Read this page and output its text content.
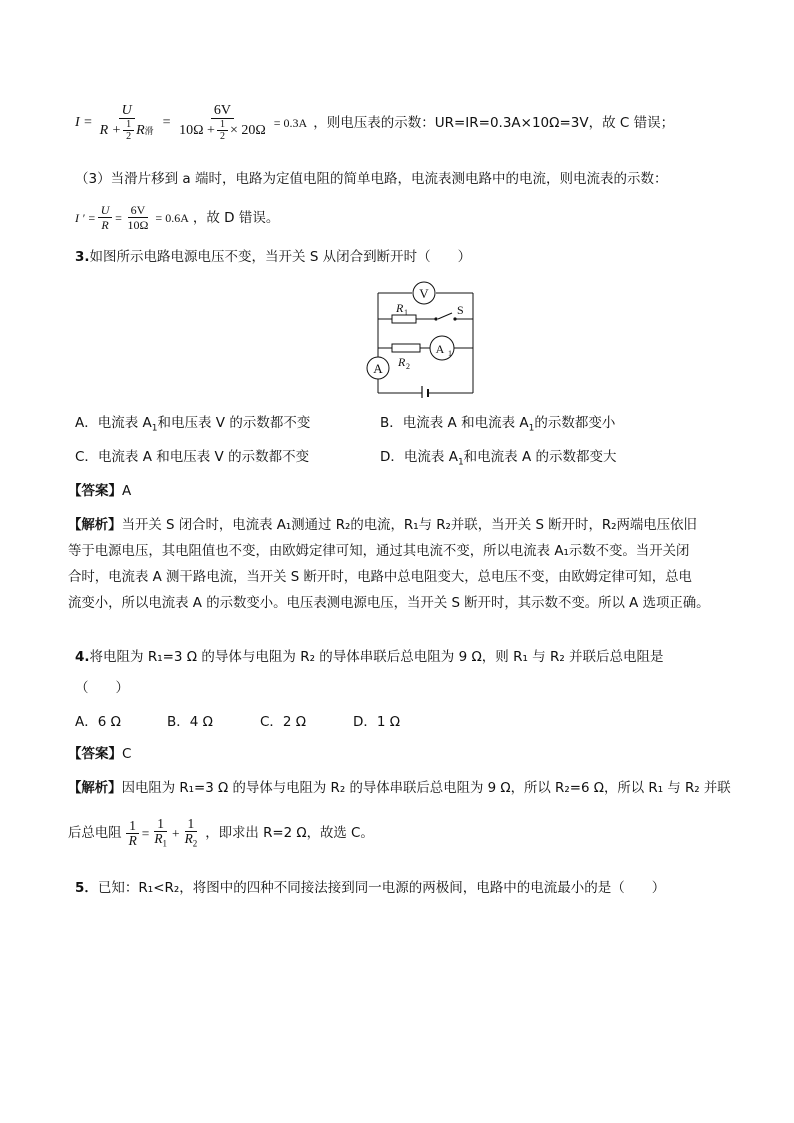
$I = \frac{U}{R + \frac{1}{2} R 滑} = \frac{6V}{10\Omega + \frac{1}{2} \times 20\Omega} = 0.3A$ ，则电压表的示数：UR=IR=0.3A×10Ω=3V，故 C 错误；
（3）当滑片移到 a 端时，电路为定值电阻的简单电路，电流表测电路中的电流，则电流表的示数：
I ′ = $\frac{U}{R} = \frac{6V}{10\Omega} = 0.6A$ ，故 D 错误。
3.如图所示电路电源电压不变，当开关 S 从闭合到断开时（　　）
V
A 1
A
R 1	S
R 2
A．电流表 $A_1$和电压表 V 的示数都不变	B．电流表 A 和电流表 $A_1$的示数都变小
C．电流表 A 和电压表 V 的示数都不变	D．电流表 $A_1$和电流表 A 的示数都变大
【答案】A
【解析】当开关 S 闭合时，电流表 A₁测通过 R₂的电流，R₁与 R₂并联，当开关 S 断开时，R₂两端电压依旧
等于电源电压，其电阻值也不变，由欧姆定律可知，通过其电流不变，所以电流表 A₁示数不变。当开关闭
合时，电流表 A 测干路电流，当开关 S 断开时，电路中总电阻变大，总电压不变，由欧姆定律可知，总电
流变小，所以电流表 A 的示数变小。电压表测电源电压，当开关 S 断开时，其示数不变。所以 A 选项正确。
4.将电阻为 R₁=3 Ω 的导体与电阻为 R₂ 的导体串联后总电阻为 9 Ω，则 R₁ 与 R₂ 并联后总电阻是
（　　）
A．6 Ω	B．4 Ω	C．2 Ω	D．1 Ω
【答案】C
【解析】因电阻为 R₁=3 Ω 的导体与电阻为 R₂ 的导体串联后总电阻为 9 Ω，所以 R₂=6 Ω，所以 R₁ 与 R₂ 并联
后总电阻 $\frac{1}{R} = \frac{1}{R_1} + \frac{1}{R_2}$ ，即求出 R=2 Ω，故选 C。
5．已知：R₁<R₂，将图中的四种不同接法接到同一电源的两极间，电路中的电流最小的是（　　）
